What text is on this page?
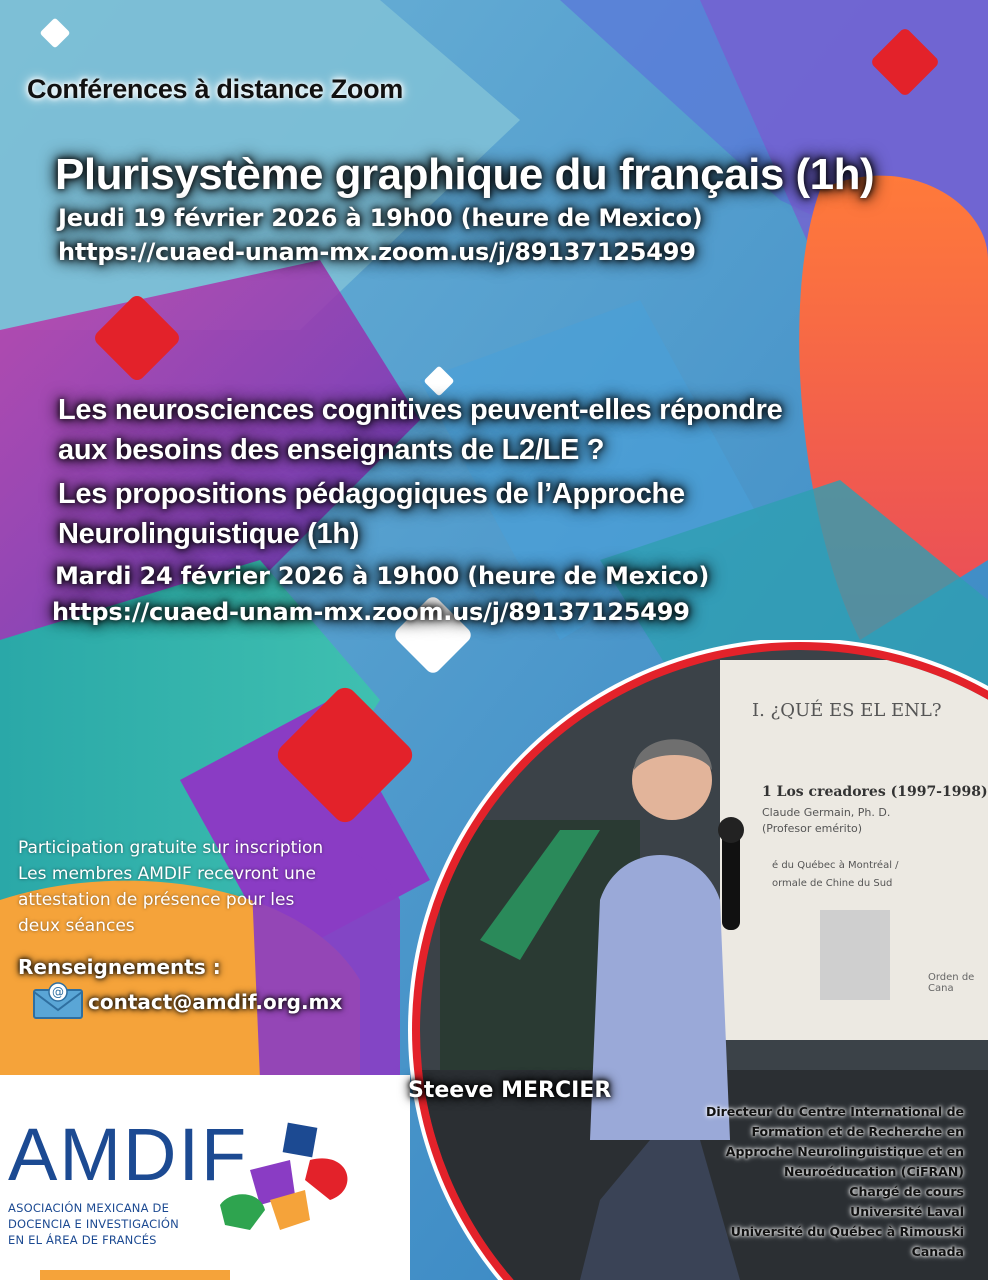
I. ¿QUÉ ES EL ENL?
1 Los creadores (1997-1998)
Claude Germain, Ph. D.
(Profesor emérito)
é du Québec à Montréal /
ormale de Chine du Sud
Orden de Cana
Conférences à distance Zoom
Plurisystème graphique du français (1h)
Jeudi 19 février 2026 à 19h00 (heure de Mexico)
https://cuaed-unam-mx.zoom.us/j/89137125499
Les neurosciences cognitives peuvent-elles répondre
aux besoins des enseignants de L2/LE ?
Les propositions pédagogiques de l’Approche
Neurolinguistique (1h)
Mardi 24 février 2026 à 19h00 (heure de Mexico)
https://cuaed-unam-mx.zoom.us/j/89137125499
Participation gratuite sur inscription
Les membres AMDIF recevront une
attestation de présence pour les
deux séances
Renseignements :
@ contact@amdif.org.mx
Steeve MERCIER
Directeur du Centre International de
Formation et de Recherche en
Approche Neurolinguistique et en
Neuroéducation (CiFRAN)
Chargé de cours
Université Laval
Université du Québec à Rimouski
Canada
AMDIF
ASOCIACIÓN MEXICANA DE
DOCENCIA E INVESTIGACIÓN
EN EL ÁREA DE FRANCÉS
